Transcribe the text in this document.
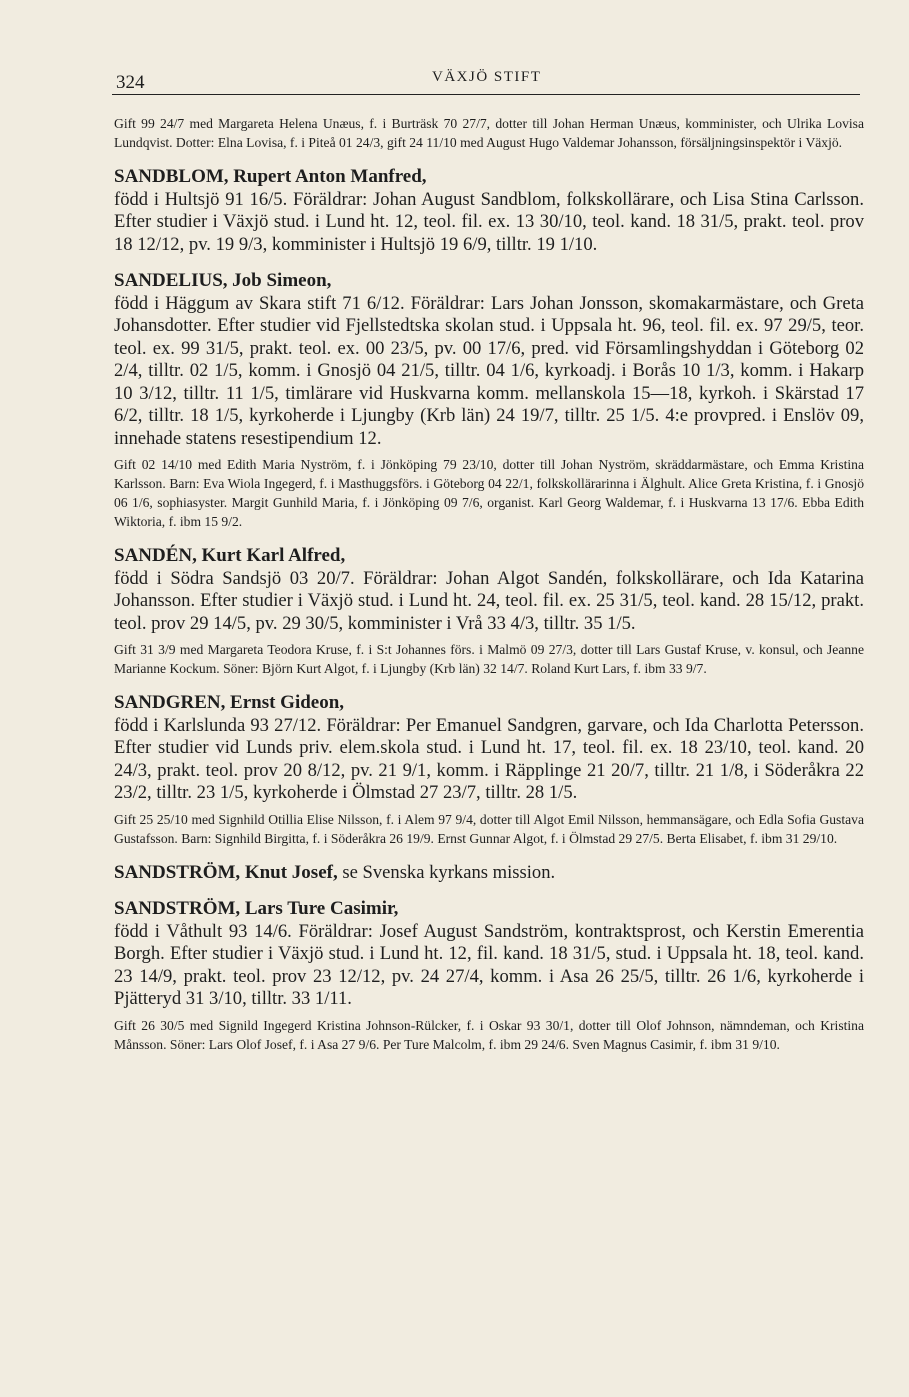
324	VÄXJÖ STIFT

Gift 99 24/7 med Margareta Helena Unæus, f. i Burträsk 70 27/7, dotter till Johan Herman Unæus, komminister, och Ulrika Lovisa Lundqvist. Dotter: Elna Lovisa, f. i Piteå 01 24/3, gift 24 11/10 med August Hugo Valdemar Johansson, försäljningsinspektör i Växjö.

SANDBLOM, Rupert Anton Manfred,
född i Hultsjö 91 16/5. Föräldrar: Johan August Sandblom, folkskollärare, och Lisa Stina Carlsson. Efter studier i Växjö stud. i Lund ht. 12, teol. fil. ex. 13 30/10, teol. kand. 18 31/5, prakt. teol. prov 18 12/12, pv. 19 9/3, komminister i Hultsjö 19 6/9, tilltr. 19 1/10.

SANDELIUS, Job Simeon,
född i Häggum av Skara stift 71 6/12. Föräldrar: Lars Johan Jonsson, skomakarmästare, och Greta Johansdotter. Efter studier vid Fjellstedtska skolan stud. i Uppsala ht. 96, teol. fil. ex. 97 29/5, teor. teol. ex. 99 31/5, prakt. teol. ex. 00 23/5, pv. 00 17/6, pred. vid Församlingshyddan i Göteborg 02 2/4, tilltr. 02 1/5, komm. i Gnosjö 04 21/5, tilltr. 04 1/6, kyrkoadj. i Borås 10 1/3, komm. i Hakarp 10 3/12, tilltr. 11 1/5, timlärare vid Huskvarna komm. mellanskola 15—18, kyrkoh. i Skärstad 17 6/2, tilltr. 18 1/5, kyrkoherde i Ljungby (Krb län) 24 19/7, tilltr. 25 1/5. 4:e provpred. i Enslöv 09, innehade statens resestipendium 12.

Gift 02 14/10 med Edith Maria Nyström, f. i Jönköping 79 23/10, dotter till Johan Nyström, skräddarmästare, och Emma Kristina Karlsson. Barn: Eva Wiola Ingegerd, f. i Masthuggsförs. i Göteborg 04 22/1, folkskollärarinna i Älghult. Alice Greta Kristina, f. i Gnosjö 06 1/6, sophiasyster. Margit Gunhild Maria, f. i Jönköping 09 7/6, organist. Karl Georg Waldemar, f. i Huskvarna 13 17/6. Ebba Edith Wiktoria, f. ibm 15 9/2.

SANDÉN, Kurt Karl Alfred,
född i Södra Sandsjö 03 20/7. Föräldrar: Johan Algot Sandén, folkskollärare, och Ida Katarina Johansson. Efter studier i Växjö stud. i Lund ht. 24, teol. fil. ex. 25 31/5, teol. kand. 28 15/12, prakt. teol. prov 29 14/5, pv. 29 30/5, komminister i Vrå 33 4/3, tilltr. 35 1/5.

Gift 31 3/9 med Margareta Teodora Kruse, f. i S:t Johannes förs. i Malmö 09 27/3, dotter till Lars Gustaf Kruse, v. konsul, och Jeanne Marianne Kockum. Söner: Björn Kurt Algot, f. i Ljungby (Krb län) 32 14/7. Roland Kurt Lars, f. ibm 33 9/7.

SANDGREN, Ernst Gideon,
född i Karlslunda 93 27/12. Föräldrar: Per Emanuel Sandgren, garvare, och Ida Charlotta Petersson. Efter studier vid Lunds priv. elem.skola stud. i Lund ht. 17, teol. fil. ex. 18 23/10, teol. kand. 20 24/3, prakt. teol. prov 20 8/12, pv. 21 9/1, komm. i Räpplinge 21 20/7, tilltr. 21 1/8, i Söderåkra 22 23/2, tilltr. 23 1/5, kyrkoherde i Ölmstad 27 23/7, tilltr. 28 1/5.

Gift 25 25/10 med Signhild Otillia Elise Nilsson, f. i Alem 97 9/4, dotter till Algot Emil Nilsson, hemmansägare, och Edla Sofia Gustava Gustafsson. Barn: Signhild Birgitta, f. i Söderåkra 26 19/9. Ernst Gunnar Algot, f. i Ölmstad 29 27/5. Berta Elisabet, f. ibm 31 29/10.

SANDSTRÖM, Knut Josef, se Svenska kyrkans mission.

SANDSTRÖM, Lars Ture Casimir,
född i Våthult 93 14/6. Föräldrar: Josef August Sandström, kontraktsprost, och Kerstin Emerentia Borgh. Efter studier i Växjö stud. i Lund ht. 12, fil. kand. 18 31/5, stud. i Uppsala ht. 18, teol. kand. 23 14/9, prakt. teol. prov 23 12/12, pv. 24 27/4, komm. i Asa 26 25/5, tilltr. 26 1/6, kyrkoherde i Pjätteryd 31 3/10, tilltr. 33 1/11.

Gift 26 30/5 med Signild Ingegerd Kristina Johnson-Rülcker, f. i Oskar 93 30/1, dotter till Olof Johnson, nämndeman, och Kristina Månsson. Söner: Lars Olof Josef, f. i Asa 27 9/6. Per Ture Malcolm, f. ibm 29 24/6. Sven Magnus Casimir, f. ibm 31 9/10.
